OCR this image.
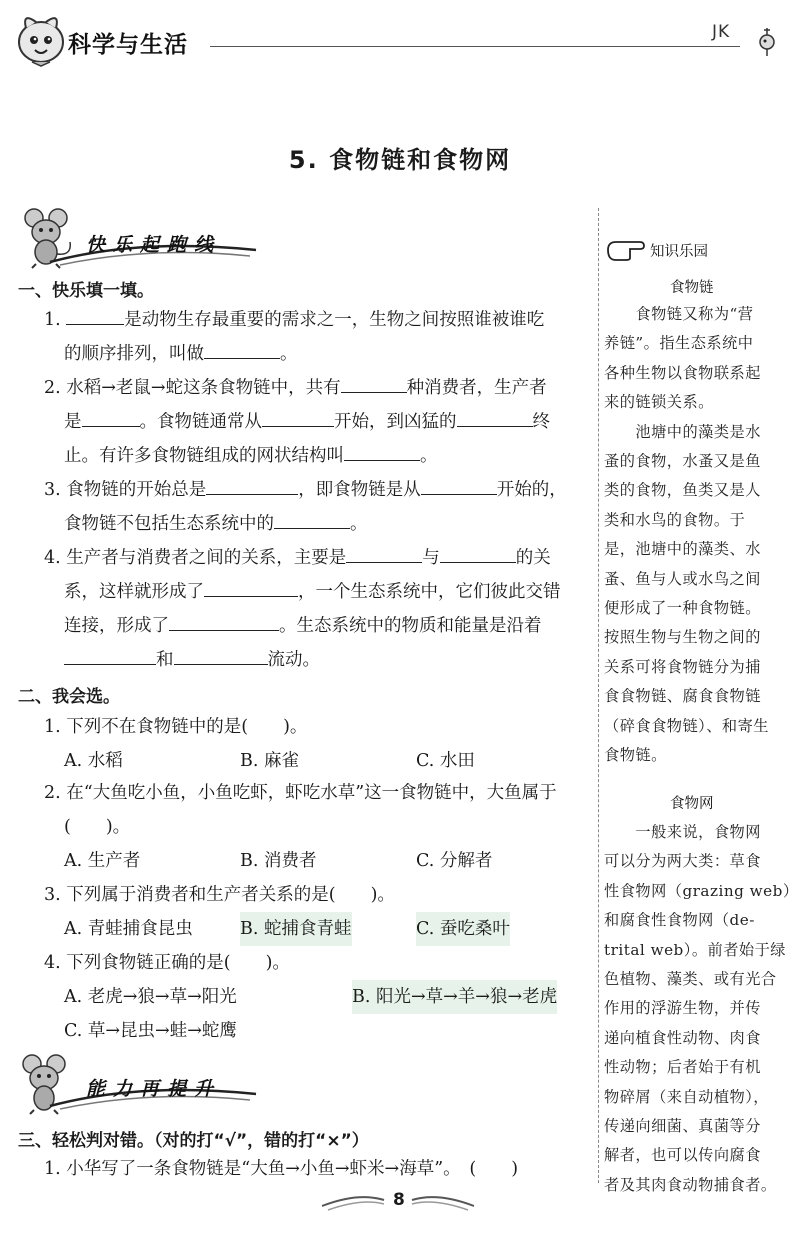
科学与生活	JK
5. 食物链和食物网
快乐起跑线
一、快乐填一填。
1.	是动物生存最重要的需求之一，生物之间按照谁被谁吃
的顺序排列，叫做	。
2. 水稻→老鼠→蛇这条食物链中，共有	种消费者，生产者
是	。食物链通常从	开始，到凶猛的	终
止。有许多食物链组成的网状结构叫	。
3. 食物链的开始总是	，即食物链是从	开始的，
食物链不包括生态系统中的	。
4. 生产者与消费者之间的关系，主要是	与	的关
系，这样就形成了	，一个生态系统中，它们彼此交错
连接，形成了	。生态系统中的物质和能量是沿着
和	流动。
二、我会选。
1. 下列不在食物链中的是(　　)。
A. 水稻	B. 麻雀	C. 水田
2. 在“大鱼吃小鱼，小鱼吃虾，虾吃水草”这一食物链中，大鱼属于
(　　)。
A. 生产者	B. 消费者	C. 分解者
3. 下列属于消费者和生产者关系的是(　　)。
A. 青蛙捕食昆虫	B. 蛇捕食青蛙	C. 蚕吃桑叶
4. 下列食物链正确的是(　　)。
A. 老虎→狼→草→阳光	B. 阳光→草→羊→狼→老虎
C. 草→昆虫→蛙→蛇鹰
能力再提升
三、轻松判对错。（对的打“√”，错的打“×”）
1. 小华写了一条食物链是“大鱼→小鱼→虾米→海草”。　(　　)
知识乐园
食物链
　　食物链又称为“营
养链”。指生态系统中
各种生物以食物联系起
来的链锁关系。
　　池塘中的藻类是水
蚤的食物，水蚤又是鱼
类的食物，鱼类又是人
类和水鸟的食物。于
是，池塘中的藻类、水
蚤、鱼与人或水鸟之间
便形成了一种食物链。
按照生物与生物之间的
关系可将食物链分为捕
食食物链、腐食食物链
（碎食食物链）、和寄生
食物链。
食物网
　　一般来说，食物网
可以分为两大类：草食
性食物网（grazing web）
和腐食性食物网（de-
trital web）。前者始于绿
色植物、藻类、或有光合
作用的浮游生物，并传
递向植食性动物、肉食
性动物；后者始于有机
物碎屑（来自动植物），
传递向细菌、真菌等分
解者，也可以传向腐食
者及其肉食动物捕食者。
8
